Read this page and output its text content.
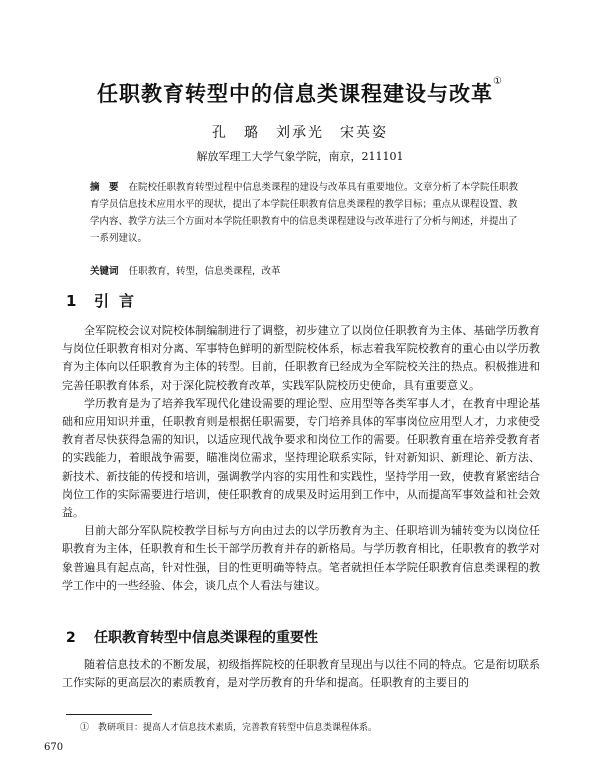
任职教育转型中的信息类课程建设与改革①
孔　璐　刘承光　宋英姿
解放军理工大学气象学院，南京，211101
摘　要 在院校任职教育转型过程中信息类课程的建设与改革具有重要地位。文章分析了本学院任职教育学员信息技术应用水平的现状，提出了本学院任职教育信息类课程的教学目标；重点从课程设置、教学内容、教学方法三个方面对本学院任职教育中的信息类课程建设与改革进行了分析与阐述，并提出了一系列建议。
关键词 任职教育，转型，信息类课程，改革
1 引言

全军院校会议对院校体制编制进行了调整，初步建立了以岗位任职教育为主体、基础学历教育与岗位任职教育相对分离、军事特色鲜明的新型院校体系，标志着我军院校教育的重心由以学历教育为主体向以任职教育为主体的转型。目前，任职教育已经成为全军院校关注的热点。积极推进和完善任职教育体系，对于深化院校教育改革，实践军队院校历史使命，具有重要意义。

学历教育是为了培养我军现代化建设需要的理论型、应用型等各类军事人才，在教育中理论基础和应用知识并重，任职教育则是根据任职需要，专门培养具体的军事岗位应用型人才，力求使受教育者尽快获得急需的知识，以适应现代战争要求和岗位工作的需要。任职教育重在培养受教育者的实践能力，着眼战争需要，瞄准岗位需求，坚持理论联系实际，针对新知识、新理论、新方法、新技术、新技能的传授和培训，强调教学内容的实用性和实践性，坚持学用一致，使教育紧密结合岗位工作的实际需要进行培训，使任职教育的成果及时运用到工作中，从而提高军事效益和社会效益。

目前大部分军队院校教学目标与方向由过去的以学历教育为主、任职培训为辅转变为以岗位任职教育为主体，任职教育和生长干部学历教育并存的新格局。与学历教育相比，任职教育的教学对象普遍具有起点高，针对性强，目的性更明确等特点。笔者就担任本学院任职教育信息类课程的教学工作中的一些经验、体会，谈几点个人看法与建议。

2 任职教育转型中信息类课程的重要性

随着信息技术的不断发展，初级指挥院校的任职教育呈现出与以往不同的特点。它是衔切联系工作实际的更高层次的素质教育，是对学历教育的升华和提高。任职教育的主要目的

①　教研项目：提高人才信息技术素质，完善教育转型中信息类课程体系。
670
